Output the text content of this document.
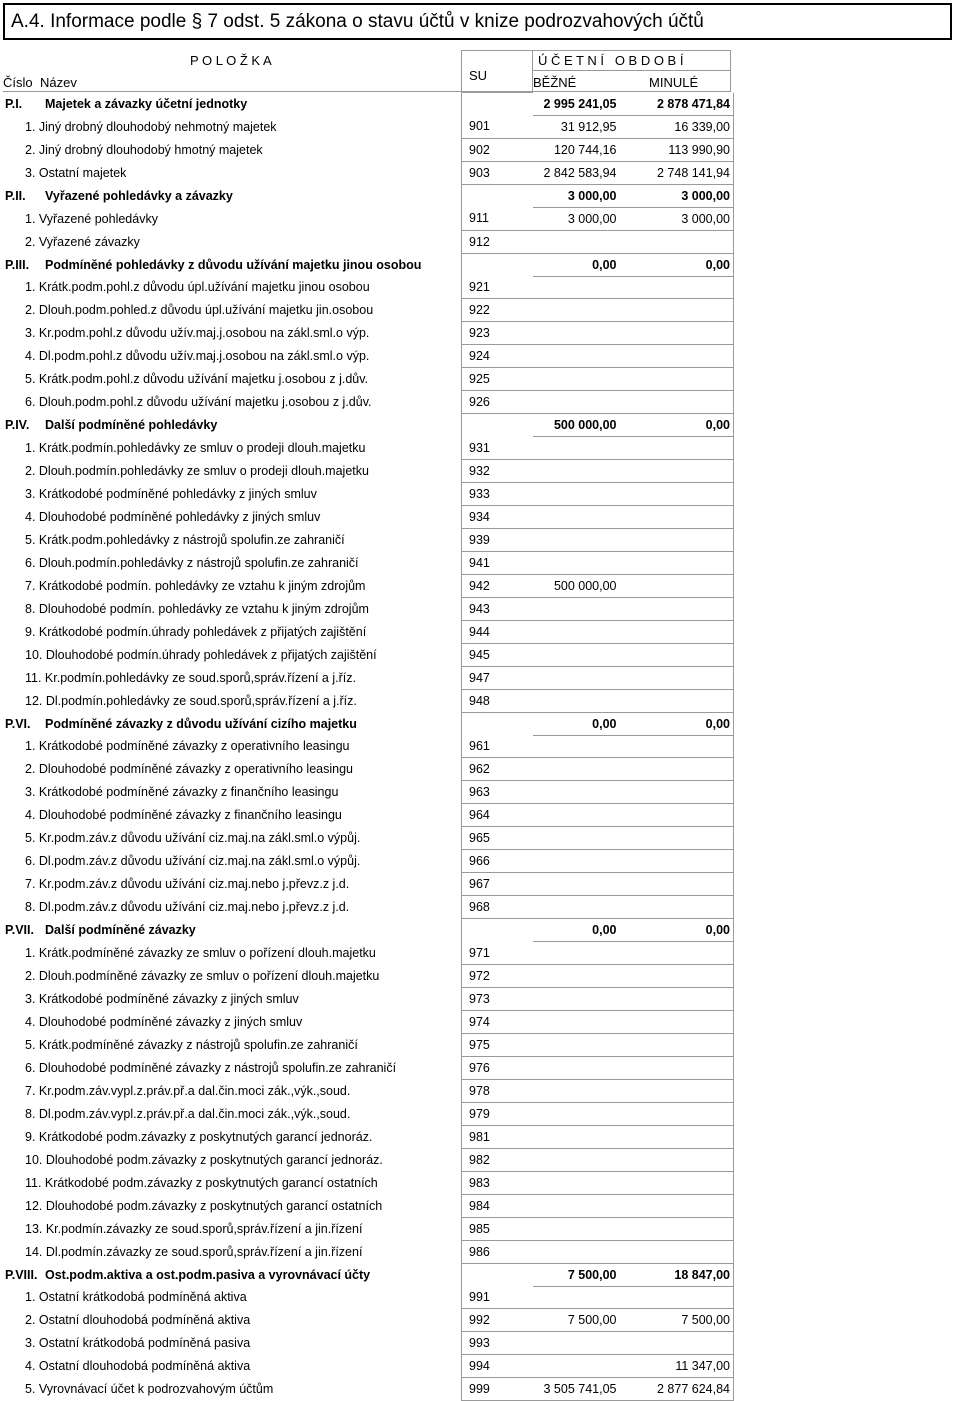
A.4. Informace podle § 7 odst. 5 zákona o stavu účtů v knize podrozvahových účtů
P O L O Ž K A
Číslo Název	SU
Ú Č E T N Í   O B D O B Í
BĚŽNÉ	MINULÉ
P.I. Majetek a závazky účetní jednotky		2 995 241,05	2 878 471,84
1. Jiný drobný dlouhodobý nehmotný majetek	901	31 912,95	16 339,00
2. Jiný drobný dlouhodobý hmotný majetek	902	120 744,16	113 990,90
3. Ostatní majetek	903	2 842 583,94	2 748 141,94
P.II. Vyřazené pohledávky a závazky		3 000,00	3 000,00
1. Vyřazené pohledávky	911	3 000,00	3 000,00
2. Vyřazené závazky	912		
P.III. Podmíněné pohledávky z důvodu užívání majetku jinou osobou		0,00	0,00
1. Krátk.podm.pohl.z důvodu úpl.užívání majetku jinou osobou	921		
2. Dlouh.podm.pohled.z důvodu úpl.užívání majetku jin.osobou	922		
3. Kr.podm.pohl.z důvodu užív.maj.j.osobou na zákl.sml.o výp.	923		
4. Dl.podm.pohl.z důvodu užív.maj.j.osobou na zákl.sml.o výp.	924		
5. Krátk.podm.pohl.z důvodu užívání majetku j.osobou z j.dův.	925		
6. Dlouh.podm.pohl.z důvodu užívání majetku j.osobou z j.dův.	926		
P.IV. Další podmíněné pohledávky		500 000,00	0,00
1. Krátk.podmín.pohledávky ze smluv o prodeji dlouh.majetku	931		
2. Dlouh.podmín.pohledávky ze smluv o prodeji dlouh.majetku	932		
3. Krátkodobé podmíněné pohledávky z jiných smluv	933		
4. Dlouhodobé podmíněné pohledávky z jiných smluv	934		
5. Krátk.podm.pohledávky z nástrojů spolufin.ze zahraničí	939		
6. Dlouh.podmín.pohledávky z nástrojů spolufin.ze zahraničí	941		
7. Krátkodobé podmín. pohledávky ze vztahu k jiným zdrojům	942	500 000,00	
8. Dlouhodobé podmín. pohledávky ze vztahu k jiným zdrojům	943		
9. Krátkodobé podmín.úhrady pohledávek z přijatých zajištění	944		
10. Dlouhodobé podmín.úhrady pohledávek z přijatých zajištění	945		
11. Kr.podmín.pohledávky ze soud.sporů,správ.řízení a j.říz.	947		
12. Dl.podmín.pohledávky ze soud.sporů,správ.řízení a j.říz.	948		
P.VI. Podmíněné závazky z důvodu užívání cizího majetku		0,00	0,00
1. Krátkodobé podmíněné závazky z operativního leasingu	961		
2. Dlouhodobé podmíněné závazky z operativního leasingu	962		
3. Krátkodobé podmíněné závazky z finančního leasingu	963		
4. Dlouhodobé podmíněné závazky z finančního leasingu	964		
5. Kr.podm.záv.z důvodu užívání ciz.maj.na zákl.sml.o výpůj.	965		
6. Dl.podm.záv.z důvodu užívání ciz.maj.na zákl.sml.o výpůj.	966		
7. Kr.podm.záv.z důvodu užívání ciz.maj.nebo j.převz.z j.d.	967		
8. Dl.podm.záv.z důvodu užívání ciz.maj.nebo j.převz.z j.d.	968		
P.VII. Další podmíněné závazky		0,00	0,00
1. Krátk.podmíněné závazky ze smluv o pořízení dlouh.majetku	971		
2. Dlouh.podmíněné závazky ze smluv o pořízení dlouh.majetku	972		
3. Krátkodobé podmíněné závazky z jiných smluv	973		
4. Dlouhodobé podmíněné závazky z jiných smluv	974		
5. Krátk.podmíněné závazky z nástrojů spolufin.ze zahraničí	975		
6. Dlouhodobé podmíněné závazky z nástrojů spolufin.ze zahraničí	976		
7. Kr.podm.záv.vypl.z.práv.př.a dal.čin.moci zák.,výk.,soud.	978		
8. Dl.podm.záv.vypl.z.práv.př.a dal.čin.moci zák.,výk.,soud.	979		
9. Krátkodobé podm.závazky z poskytnutých garancí jednoráz.	981		
10. Dlouhodobé podm.závazky z poskytnutých garancí jednoráz.	982		
11. Krátkodobé podm.závazky z poskytnutých garancí ostatních	983		
12. Dlouhodobé podm.závazky z poskytnutých garancí ostatních	984		
13. Kr.podmín.závazky ze soud.sporů,správ.řízení a jin.řízení	985		
14. Dl.podmín.závazky ze soud.sporů,správ.řízení a jin.řízení	986		
P.VIII. Ost.podm.aktiva a ost.podm.pasiva a vyrovnávací účty		7 500,00	18 847,00
1. Ostatní krátkodobá podmíněná aktiva	991		
2. Ostatní dlouhodobá podmíněná aktiva	992	7 500,00	7 500,00
3. Ostatní krátkodobá podmíněná pasiva	993		
4. Ostatní dlouhodobá podmíněná aktiva	994		11 347,00
5. Vyrovnávací účet k podrozvahovým účtům	999	3 505 741,05	2 877 624,84
